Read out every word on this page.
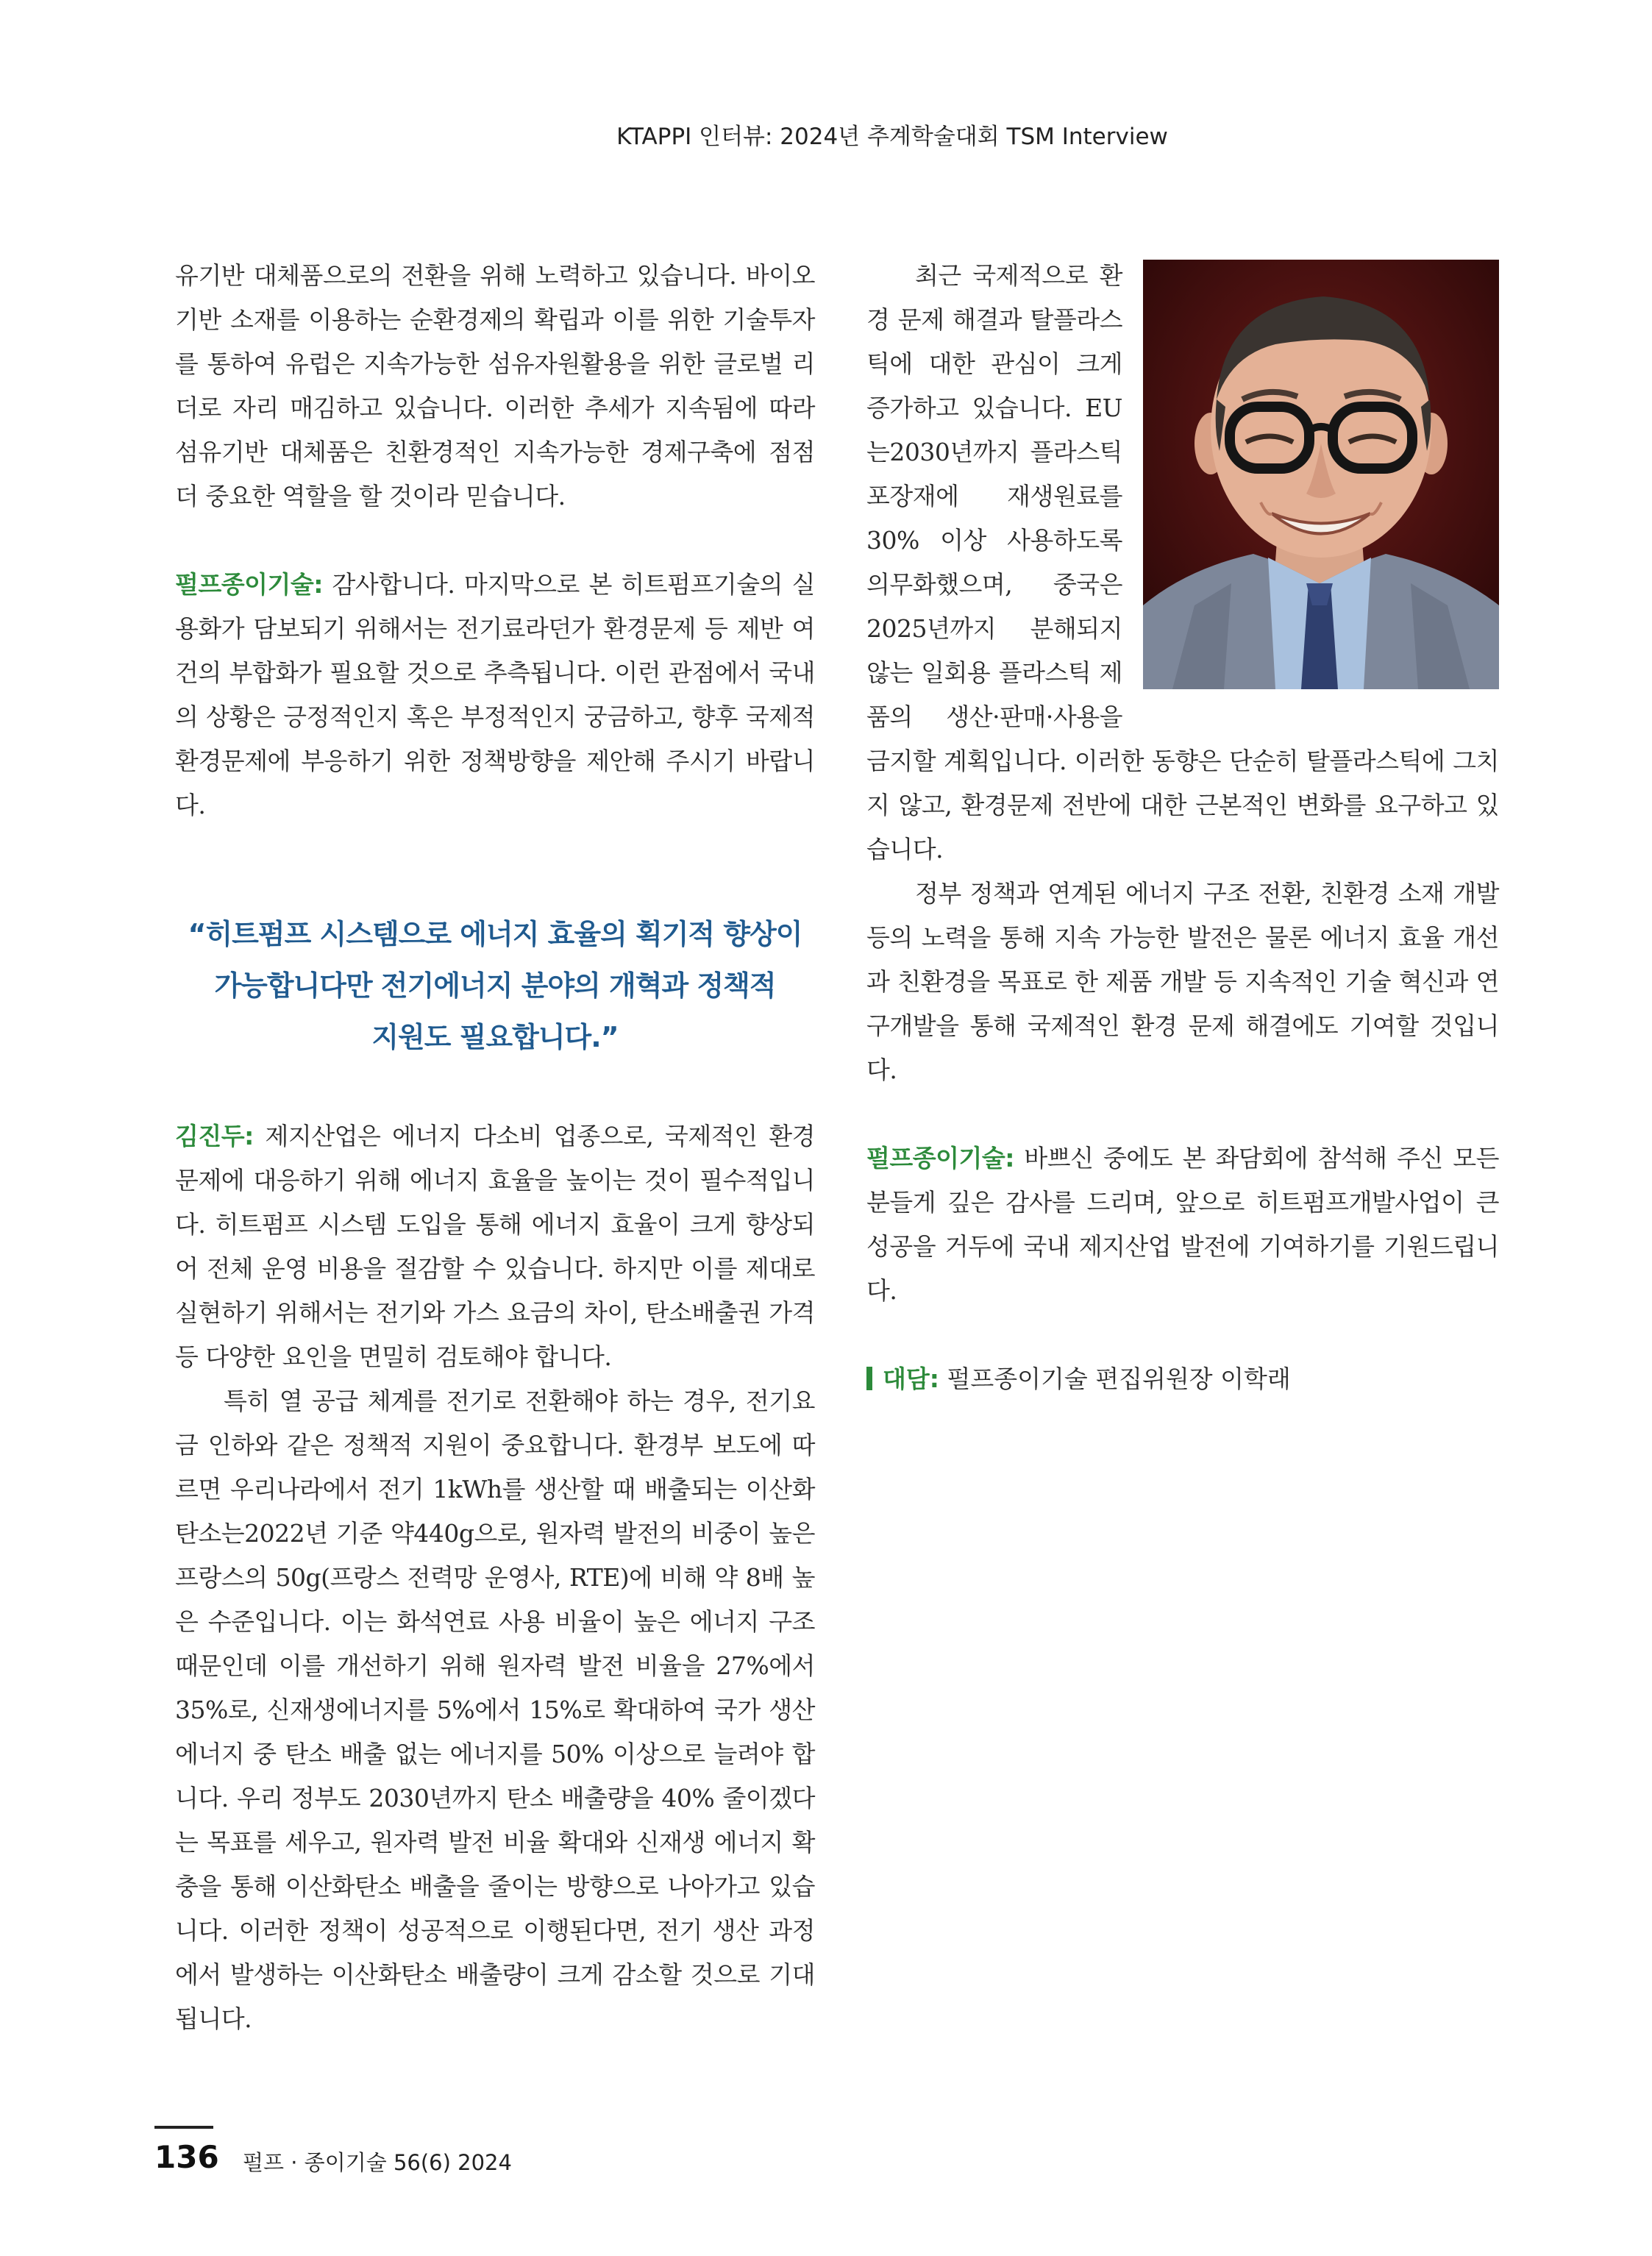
KTAPPI 인터뷰: 2024년 추계학술대회 TSM Interview

유기반 대체품으로의 전환을 위해 노력하고 있습니다. 바이오기반 소재를 이용하는 순환경제의 확립과 이를 위한 기술투자를 통하여 유럽은 지속가능한 섬유자원활용을 위한 글로벌 리더로 자리 매김하고 있습니다. 이러한 추세가 지속됨에 따라 섬유기반 대체품은 친환경적인 지속가능한 경제구축에 점점 더 중요한 역할을 할 것이라 믿습니다.

펄프종이기술: 감사합니다. 마지막으로 본 히트펌프기술의 실용화가 담보되기 위해서는 전기료라던가 환경문제 등 제반 여건의 부합화가 필요할 것으로 추측됩니다. 이런 관점에서 국내의 상황은 긍정적인지 혹은 부정적인지 궁금하고, 향후 국제적 환경문제에 부응하기 위한 정책방향을 제안해 주시기 바랍니다.

“히트펌프 시스템으로 에너지 효율의 획기적 향상이
가능합니다만 전기에너지 분야의 개혁과 정책적
지원도 필요합니다.”

김진두: 제지산업은 에너지 다소비 업종으로, 국제적인 환경 문제에 대응하기 위해 에너지 효율을 높이는 것이 필수적입니다. 히트펌프 시스템 도입을 통해 에너지 효율이 크게 향상되어 전체 운영 비용을 절감할 수 있습니다. 하지만 이를 제대로 실현하기 위해서는 전기와 가스 요금의 차이, 탄소배출권 가격 등 다양한 요인을 면밀히 검토해야 합니다.

특히 열 공급 체계를 전기로 전환해야 하는 경우, 전기요금 인하와 같은 정책적 지원이 중요합니다. 환경부 보도에 따르면 우리나라에서 전기 1kWh를 생산할 때 배출되는 이산화탄소는2022년 기준 약440g으로, 원자력 발전의 비중이 높은 프랑스의 50g(프랑스 전력망 운영사, RTE)에 비해 약 8배 높은 수준입니다. 이는 화석연료 사용 비율이 높은 에너지 구조 때문인데 이를 개선하기 위해 원자력 발전 비율을 27%에서 35%로, 신재생에너지를 5%에서 15%로 확대하여 국가 생산 에너지 중 탄소 배출 없는 에너지를 50% 이상으로 늘려야 합니다. 우리 정부도 2030년까지 탄소 배출량을 40% 줄이겠다는 목표를 세우고, 원자력 발전 비율 확대와 신재생 에너지 확충을 통해 이산화탄소 배출을 줄이는 방향으로 나아가고 있습니다. 이러한 정책이 성공적으로 이행된다면, 전기 생산 과정에서 발생하는 이산화탄소 배출량이 크게 감소할 것으로 기대됩니다.

최근 국제적으로 환경 문제 해결과 탈플라스틱에 대한 관심이 크게 증가하고 있습니다. EU는2030년까지 플라스틱 포장재에 재생원료를 30% 이상 사용하도록 의무화했으며, 중국은 2025년까지 분해되지 않는 일회용 플라스틱 제품의 생산·판매·사용을 금지할 계획입니다. 이러한 동향은 단순히 탈플라스틱에 그치지 않고, 환경문제 전반에 대한 근본적인 변화를 요구하고 있습니다.

정부 정책과 연계된 에너지 구조 전환, 친환경 소재 개발 등의 노력을 통해 지속 가능한 발전은 물론 에너지 효율 개선과 친환경을 목표로 한 제품 개발 등 지속적인 기술 혁신과 연구개발을 통해 국제적인 환경 문제 해결에도 기여할 것입니다.

펄프종이기술: 바쁘신 중에도 본 좌담회에 참석해 주신 모든분들게 깊은 감사를 드리며, 앞으로 히트펌프개발사업이 큰 성공을 거두에 국내 제지산업 발전에 기여하기를 기원드립니다.

대담: 펄프종이기술 편집위원장 이학래
136 펄프 · 종이기술 56(6) 2024
